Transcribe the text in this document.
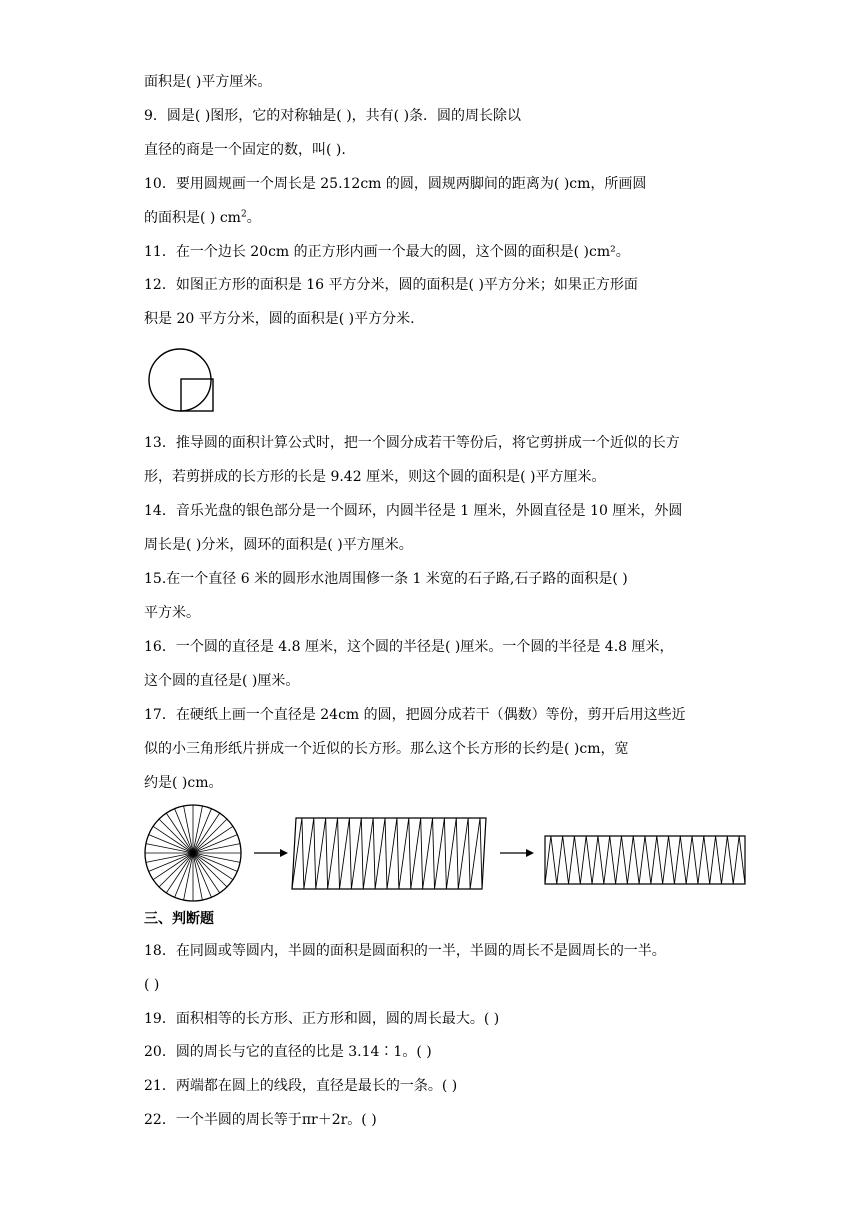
面积是( )平方厘米。
9．圆是( )图形，它的对称轴是( )，共有( )条．圆的周长除以
直径的商是一个固定的数，叫( ).
10．要用圆规画一个周长是 25.12cm 的圆，圆规两脚间的距离为( )cm，所画圆
的面积是( ) $cm^2$。
11．在一个边长 20cm 的正方形内画一个最大的圆，这个圆的面积是( )cm²。
12．如图正方形的面积是 16 平方分米，圆的面积是( )平方分米；如果正方形面
积是 20 平方分米，圆的面积是( )平方分米.
13．推导圆的面积计算公式时，把一个圆分成若干等份后，将它剪拼成一个近似的长方
形，若剪拼成的长方形的长是 9.42 厘米，则这个圆的面积是( )平方厘米。
14．音乐光盘的银色部分是一个圆环，内圆半径是 1 厘米，外圆直径是 10 厘米，外圆
周长是( )分米，圆环的面积是( )平方厘米。
15.在一个直径 6 米的圆形水池周围修一条 1 米宽的石子路,石子路的面积是( )
平方米。
16．一个圆的直径是 4.8 厘米，这个圆的半径是( )厘米。一个圆的半径是 4.8 厘米，
这个圆的直径是( )厘米。
17．在硬纸上画一个直径是 24cm 的圆，把圆分成若干（偶数）等份，剪开后用这些近
似的小三角形纸片拼成一个近似的长方形。那么这个长方形的长约是( )cm，宽
约是( )cm。
三、判断题
18．在同圆或等圆内，半圆的面积是圆面积的一半，半圆的周长不是圆周长的一半。
( )
19．面积相等的长方形、正方形和圆，圆的周长最大。( )
20．圆的周长与它的直径的比是 3.14∶1。( )
21．两端都在圆上的线段，直径是最长的一条。( )
22．一个半圆的周长等于πr＋2r。( )
